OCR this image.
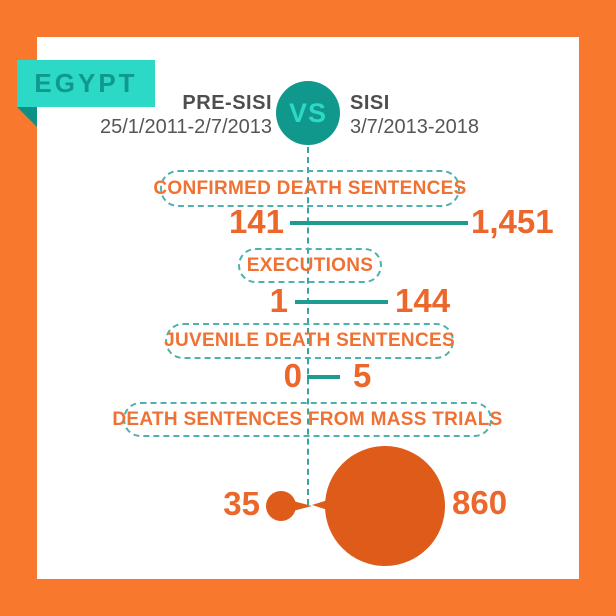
EGYPT
PRE-SISI
25/1/2011-2/7/2013 VS SISI
3/7/2013-2018
CONFIRMED DEATH SENTENCES
141	1,451
EXECUTIONS
1	144
JUVENILE DEATH SENTENCES
0 5
DEATH SENTENCES FROM MASS TRIALS
35	860
